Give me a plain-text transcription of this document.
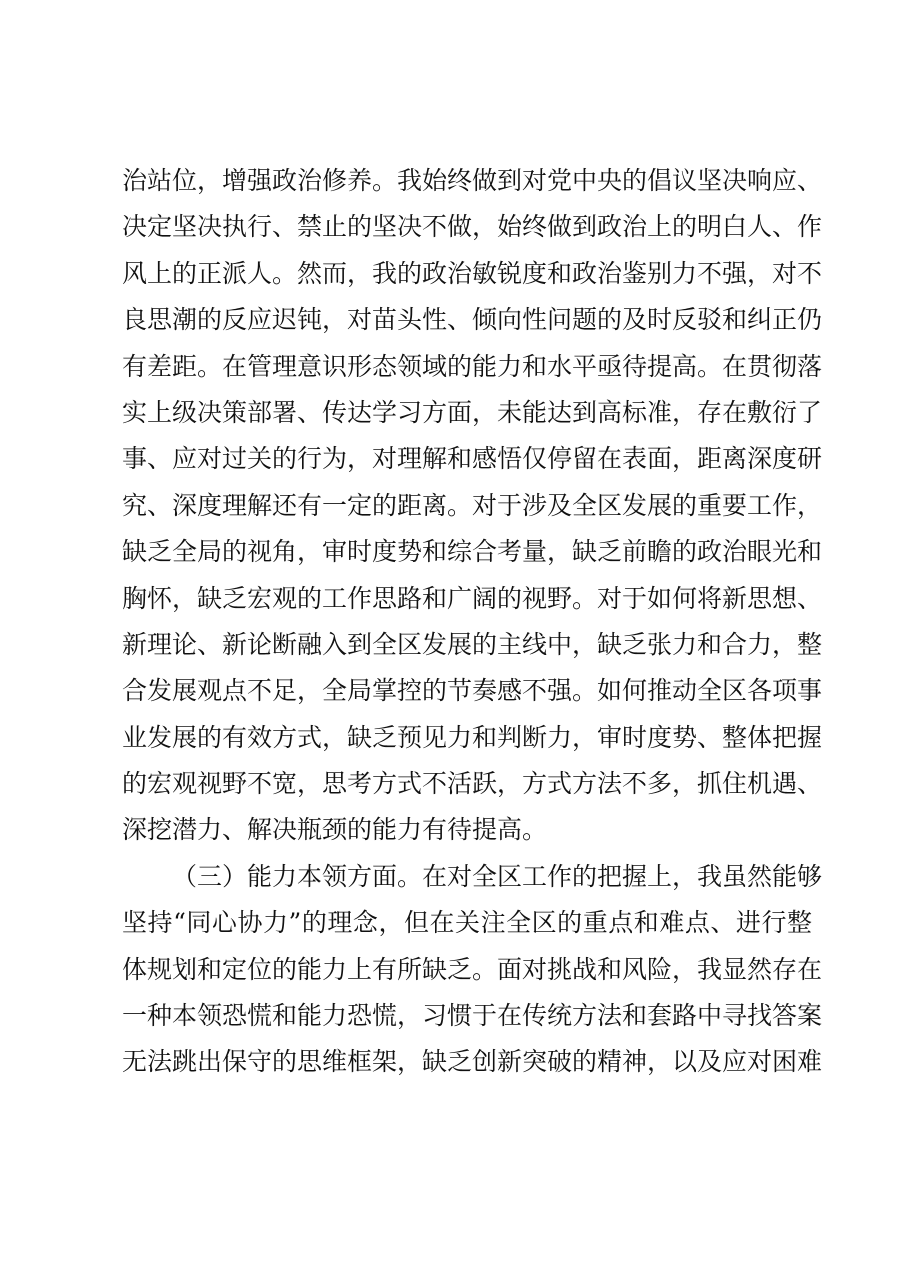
治站位，增强政治修养。我始终做到对党中央的倡议坚决响应、
决定坚决执行、禁止的坚决不做，始终做到政治上的明白人、作
风上的正派人。然而，我的政治敏锐度和政治鉴别力不强，对不
良思潮的反应迟钝，对苗头性、倾向性问题的及时反驳和纠正仍
有差距。在管理意识形态领域的能力和水平亟待提高。在贯彻落
实上级决策部署、传达学习方面，未能达到高标准，存在敷衍了
事、应对过关的行为，对理解和感悟仅停留在表面，距离深度研
究、深度理解还有一定的距离。对于涉及全区发展的重要工作，
缺乏全局的视角，审时度势和综合考量，缺乏前瞻的政治眼光和
胸怀，缺乏宏观的工作思路和广阔的视野。对于如何将新思想、
新理论、新论断融入到全区发展的主线中，缺乏张力和合力，整
合发展观点不足，全局掌控的节奏感不强。如何推动全区各项事
业发展的有效方式，缺乏预见力和判断力，审时度势、整体把握
的宏观视野不宽，思考方式不活跃，方式方法不多，抓住机遇、
深挖潜力、解决瓶颈的能力有待提高。
（三）能力本领方面。在对全区工作的把握上，我虽然能够
坚持“同心协力”的理念，但在关注全区的重点和难点、进行整
体规划和定位的能力上有所缺乏。面对挑战和风险，我显然存在
一种本领恐慌和能力恐慌，习惯于在传统方法和套路中寻找答案
无法跳出保守的思维框架，缺乏创新突破的精神，以及应对困难
